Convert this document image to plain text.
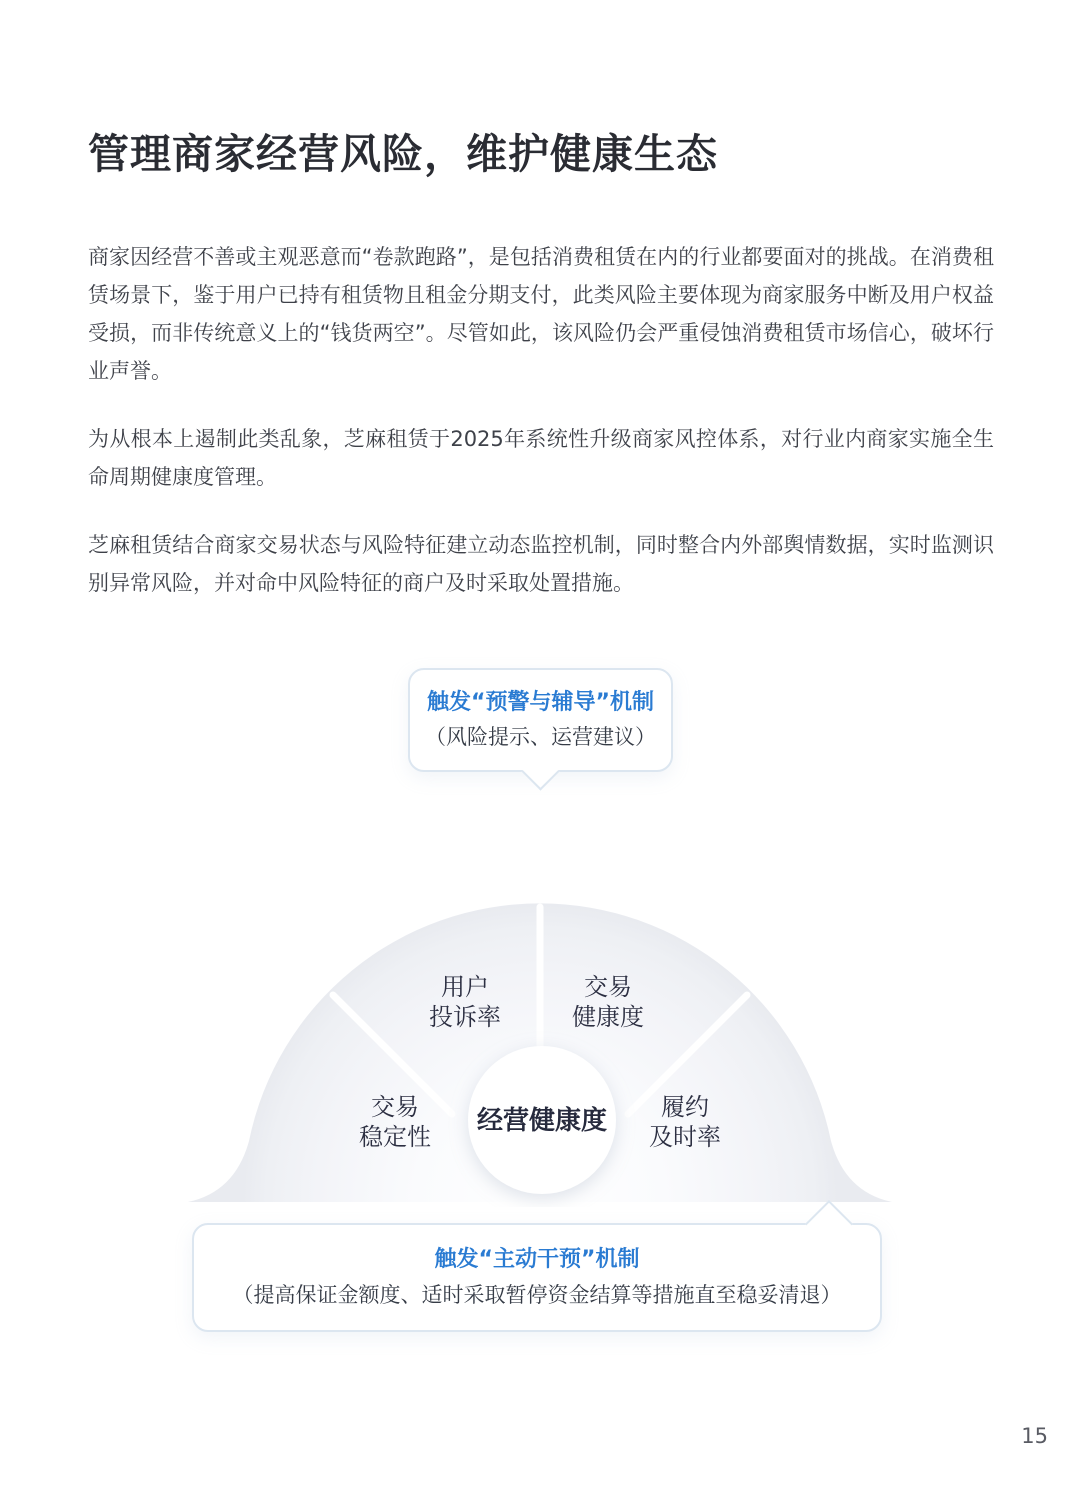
管理商家经营风险，维护健康生态

商家因经营不善或主观恶意而“卷款跑路”，是包括消费租赁在内的行业都要面对的挑战。在消费租赁场景下，鉴于用户已持有租赁物且租金分期支付，此类风险主要体现为商家服务中断及用户权益受损，而非传统意义上的“钱货两空”。尽管如此，该风险仍会严重侵蚀消费租赁市场信心，破坏行业声誉。

为从根本上遏制此类乱象，芝麻租赁于2025年系统性升级商家风控体系，对行业内商家实施全生命周期健康度管理。

芝麻租赁结合商家交易状态与风险特征建立动态监控机制，同时整合内外部舆情数据，实时监测识别异常风险，并对命中风险特征的商户及时采取处置措施。

触发“预警与辅导”机制
（风险提示、运营建议）
用户
投诉率
交易
健康度
交易
稳定性
履约
及时率
经营健康度
触发“主动干预”机制
（提高保证金额度、适时采取暂停资金结算等措施直至稳妥清退）
15
